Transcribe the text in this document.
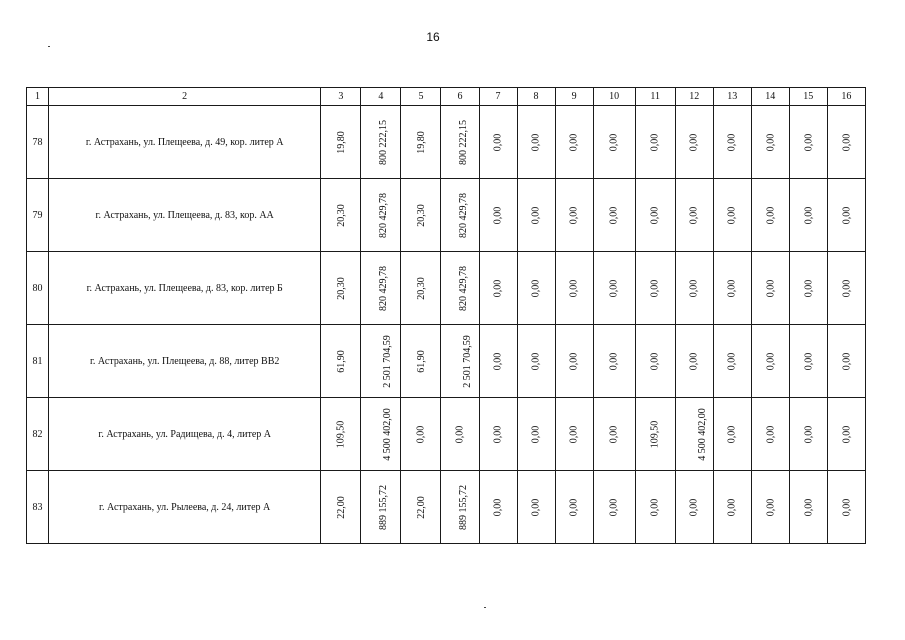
16
1	2	3	4	5	6	7	8	9	10	11	12	13	14	15	16
78	г. Астрахань, ул. Плещеева, д. 49, кор. литер А	19,80	800 222,15	19,80	800 222,15	0,00	0,00	0,00	0,00	0,00	0,00	0,00	0,00	0,00	0,00
79	г. Астрахань, ул. Плещеева, д. 83, кор. АА	20,30	820 429,78	20,30	820 429,78	0,00	0,00	0,00	0,00	0,00	0,00	0,00	0,00	0,00	0,00
80	г. Астрахань, ул. Плещеева, д. 83, кор. литер Б	20,30	820 429,78	20,30	820 429,78	0,00	0,00	0,00	0,00	0,00	0,00	0,00	0,00	0,00	0,00
81	г. Астрахань, ул. Плещеева, д. 88, литер ВВ2	61,90	2 501 704,59	61,90	2 501 704,59	0,00	0,00	0,00	0,00	0,00	0,00	0,00	0,00	0,00	0,00
82	г. Астрахань, ул. Радищева, д. 4, литер А	109,50	4 500 402,00	0,00	0,00	0,00	0,00	0,00	0,00	109,50	4 500 402,00	0,00	0,00	0,00	0,00
83	г. Астрахань, ул. Рылеева, д. 24, литер А	22,00	889 155,72	22,00	889 155,72	0,00	0,00	0,00	0,00	0,00	0,00	0,00	0,00	0,00	0,00
